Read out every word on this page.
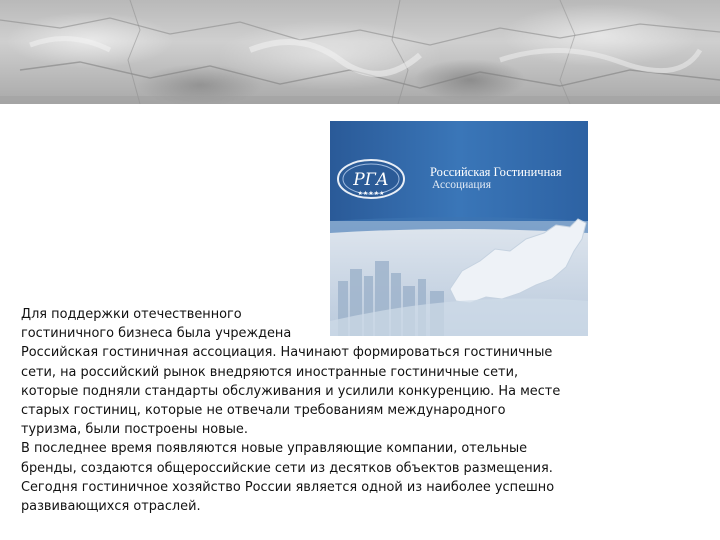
РГА
★★★★★
Российская Гостиничная
Ассоциация

Для поддержки отечественного
гостиничного бизнеса была учреждена
Российская гостиничная ассоциация. Начинают формироваться гостиничные
сети, на российский рынок внедряются иностранные гостиничные сети,
которые подняли стандарты обслуживания и усилили конкуренцию. На месте
старых гостиниц, которые не отвечали требованиям международного
туризма, были построены новые.
В последнее время появляются новые управляющие компании, отельные
бренды, создаются общероссийские сети из десятков объектов размещения.
Сегодня гостиничное хозяйство России является одной из наиболее успешно
развивающихся отраслей.
